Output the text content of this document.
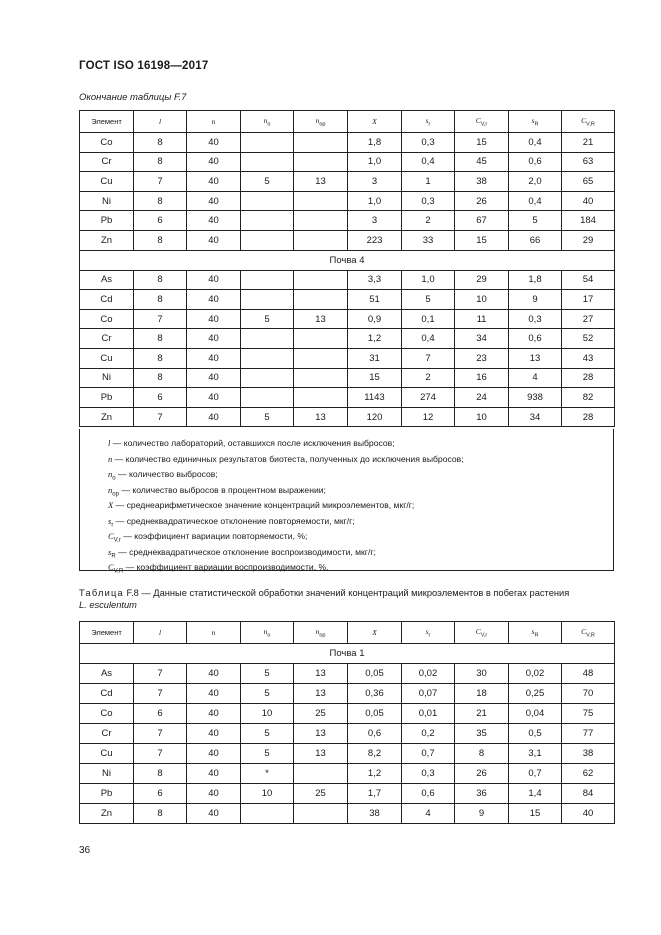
ГОСТ ISO 16198—2017
Окончание таблицы F.7
Элемент	l	n	$n_o$	$n_{op}$	X	$s_r$	$C_{V,r}$	$s_R$	$C_{V,R}$
Co	8	40			1,8	0,3	15	0,4	21
Cr	8	40			1,0	0,4	45	0,6	63
Cu	7	40	5	13	3	1	38	2,0	65
Ni	8	40			1,0	0,3	26	0,4	40
Pb	6	40			3	2	67	5	184
Zn	8	40			223	33	15	66	29
Почва 4									
As	8	40			3,3	1,0	29	1,8	54
Cd	8	40			51	5	10	9	17
Co	7	40	5	13	0,9	0,1	11	0,3	27
Cr	8	40			1,2	0,4	34	0,6	52
Cu	8	40			31	7	23	13	43
Ni	8	40			15	2	16	4	28
Pb	6	40			1143	274	24	938	82
Zn	7	40	5	13	120	12	10	34	28

l — количество лабораторий, оставшихся после исключения выбросов;

n — количество единичных результатов биотеста, полученных до исключения выбросов;

$n_o$ — количество выбросов;

$n_{op}$ — количество выбросов в процентном выражении;

X — среднеарифметическое значение концентраций микроэлементов, мкг/г;

$s_r$ — среднеквадратическое отклонение повторяемости, мкг/г;

$C_{V,r}$ — коэффициент вариации повторяемости, %;

$s_R$ — среднеквадратическое отклонение воспроизводимости, мкг/г;

$C_{V,R}$ — коэффициент вариации воспроизводимости, %.

Таблица F.8 — Данные статистической обработки значений концентраций микроэлементов в побегах растения
L. esculentum
Элемент	l	n	$n_o$	$n_{op}$	X	$s_r$	$C_{V,r}$	$s_R$	$C_{V,R}$
Почва 1									
As	7	40	5	13	0,05	0,02	30	0,02	48
Cd	7	40	5	13	0,36	0,07	18	0,25	70
Co	6	40	10	25	0,05	0,01	21	0,04	75
Cr	7	40	5	13	0,6	0,2	35	0,5	77
Cu	7	40	5	13	8,2	0,7	8	3,1	38
Ni	8	40	*		1,2	0,3	26	0,7	62
Pb	6	40	10	25	1,7	0,6	36	1,4	84
Zn	8	40			38	4	9	15	40
36
